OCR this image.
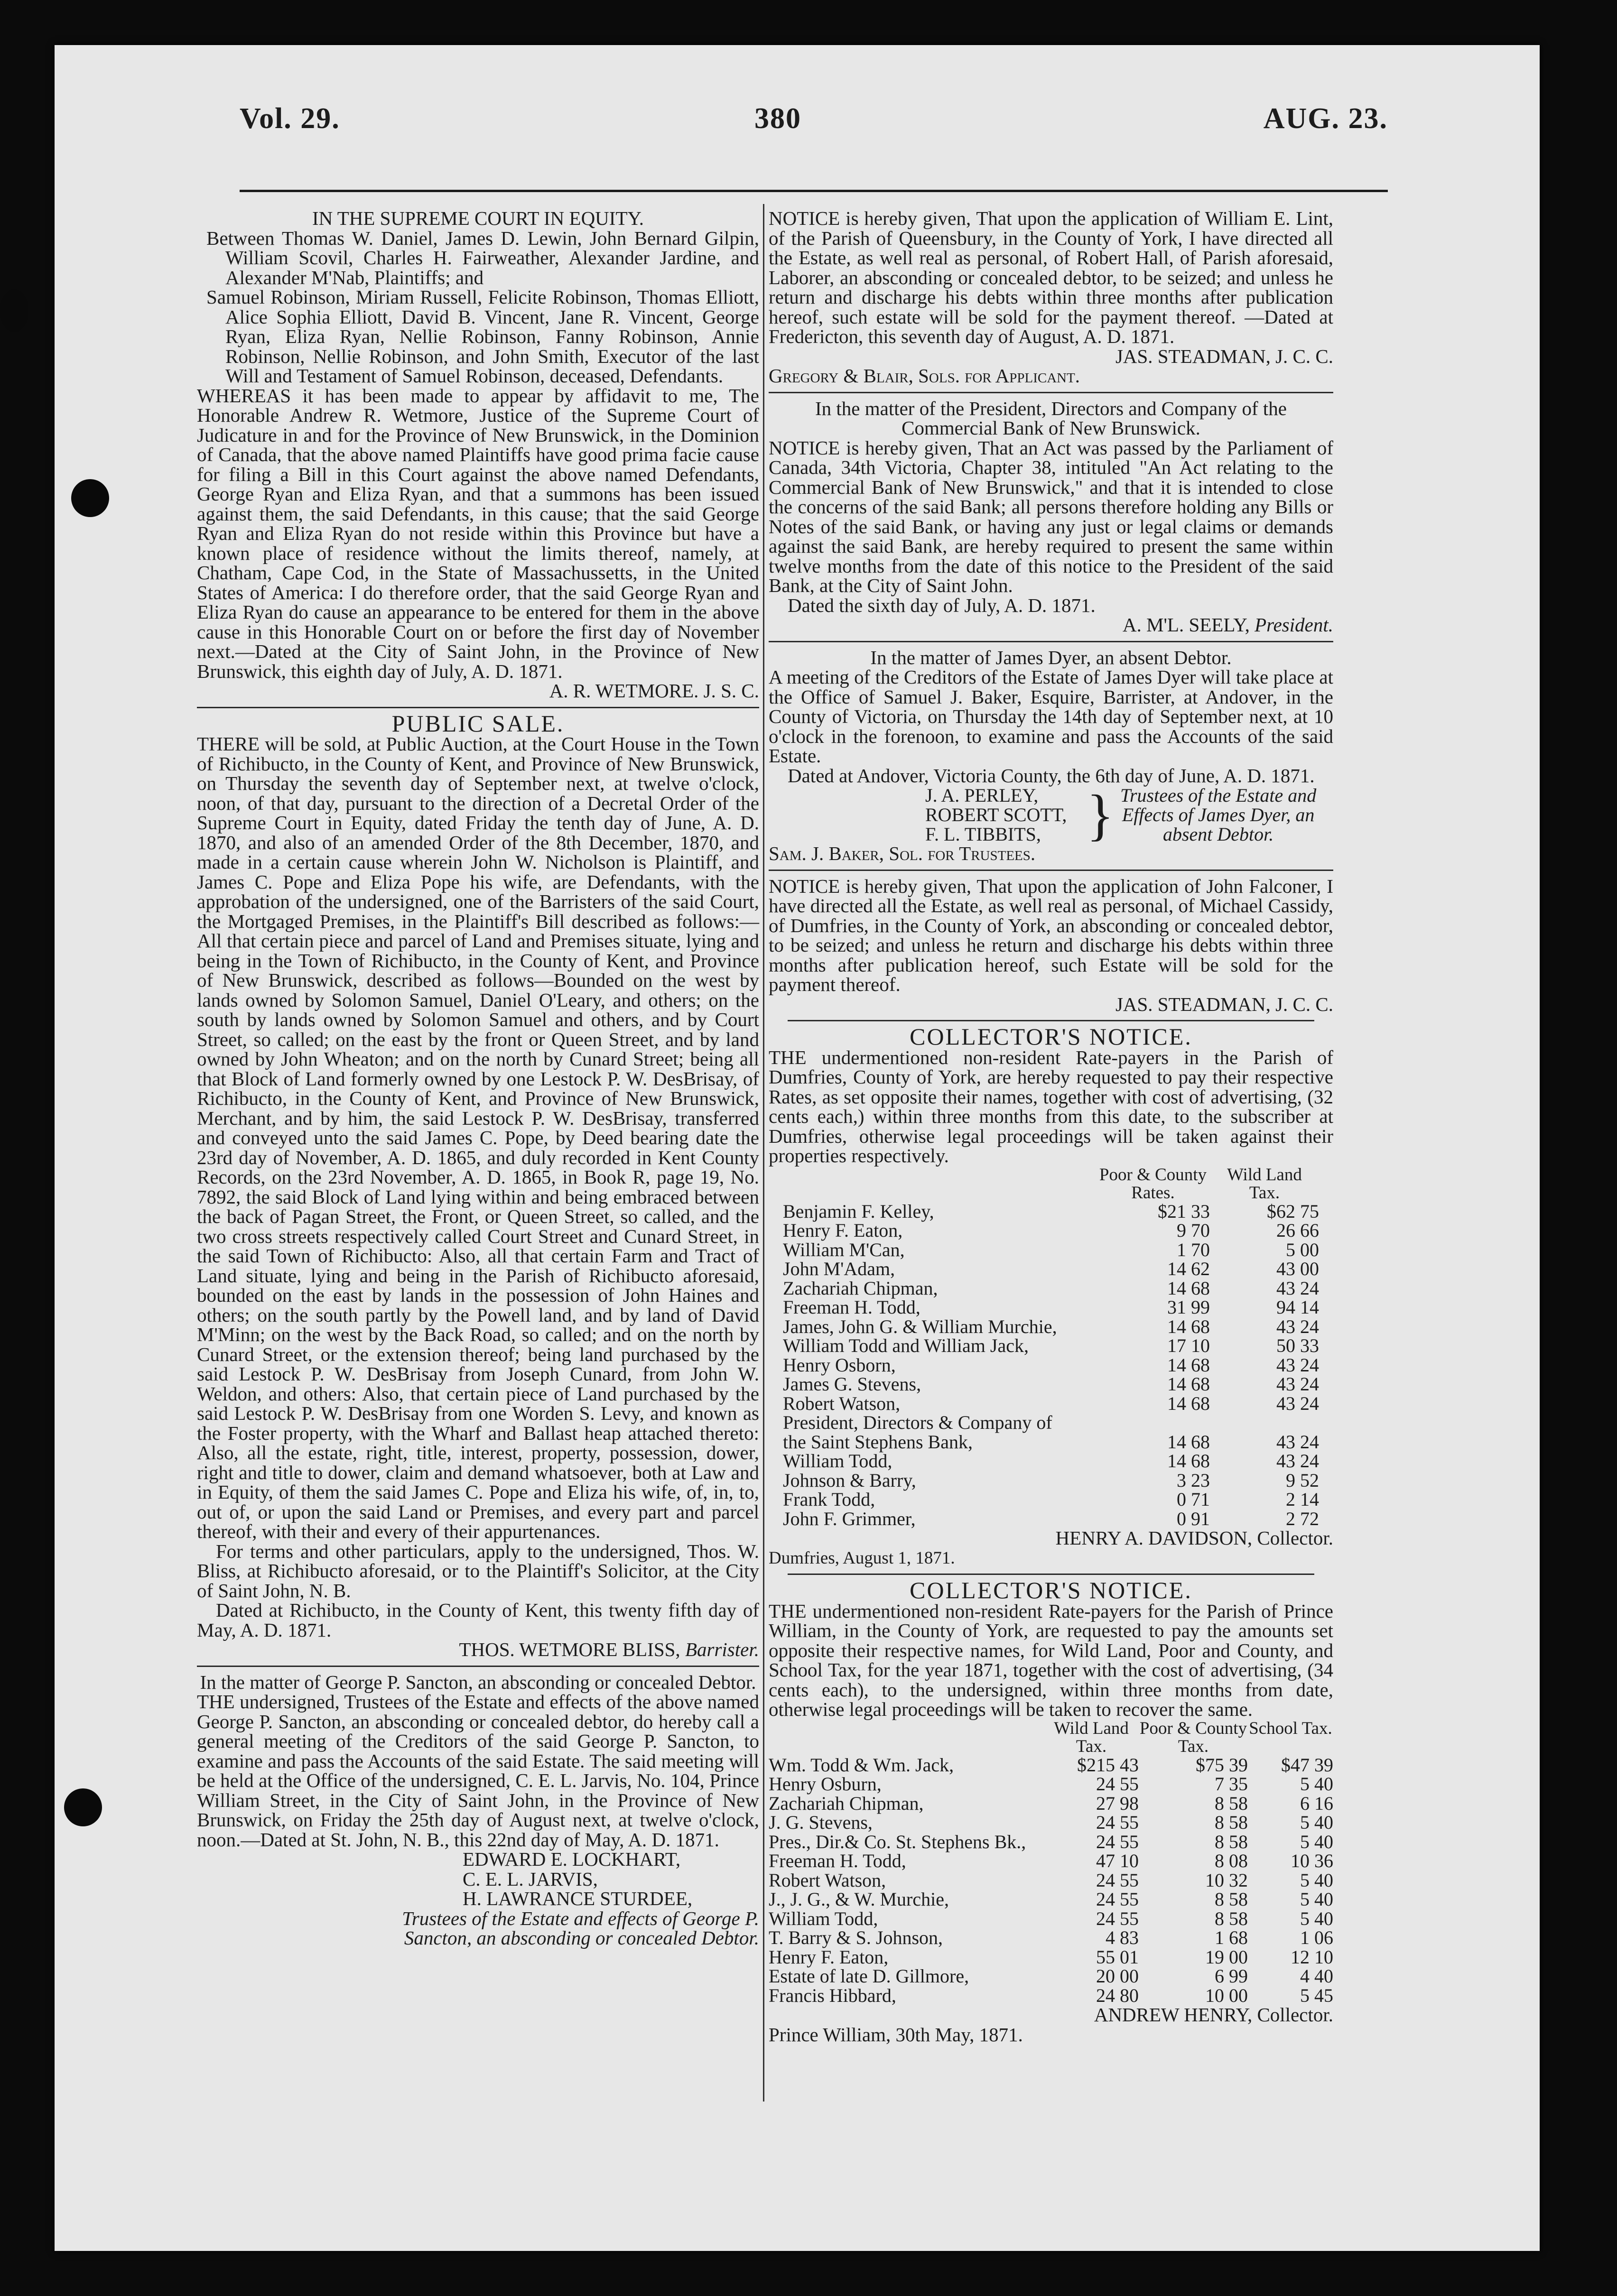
Vol. 29.	380	AUG. 23.

IN THE SUPREME COURT IN EQUITY.

Between Thomas W. Daniel, James D. Lewin, John Bernard Gilpin, William Scovil, Charles H. Fairweather, Alexander Jardine, and Alexander M'Nab, Plaintiffs; and

Samuel Robinson, Miriam Russell, Felicite Robinson, Thomas Elliott, Alice Sophia Elliott, David B. Vincent, Jane R. Vincent, George Ryan, Eliza Ryan, Nellie Robinson, Fanny Robinson, Annie Robinson, Nellie Robinson, and John Smith, Executor of the last Will and Testament of Samuel Robinson, deceased, Defendants.

WHEREAS it has been made to appear by affidavit to me, The Honorable Andrew R. Wetmore, Justice of the Supreme Court of Judicature in and for the Province of New Brunswick, in the Dominion of Canada, that the above named Plaintiffs have good prima facie cause for filing a Bill in this Court against the above named Defendants, George Ryan and Eliza Ryan, and that a summons has been issued against them, the said Defendants, in this cause; that the said George Ryan and Eliza Ryan do not reside within this Province but have a known place of residence without the limits thereof, namely, at Chatham, Cape Cod, in the State of Massachussetts, in the United States of America: I do therefore order, that the said George Ryan and Eliza Ryan do cause an appearance to be entered for them in the above cause in this Honorable Court on or before the first day of November next.—Dated at the City of Saint John, in the Province of New Brunswick, this eighth day of July, A. D. 1871.

A. R. WETMORE. J. S. C.

PUBLIC SALE.

THERE will be sold, at Public Auction, at the Court House in the Town of Richibucto, in the County of Kent, and Province of New Brunswick, on Thursday the seventh day of September next, at twelve o'clock, noon, of that day, pursuant to the direction of a Decretal Order of the Supreme Court in Equity, dated Friday the tenth day of June, A. D. 1870, and also of an amended Order of the 8th December, 1870, and made in a certain cause wherein John W. Nicholson is Plaintiff, and James C. Pope and Eliza Pope his wife, are Defendants, with the approbation of the undersigned, one of the Barristers of the said Court, the Mortgaged Premises, in the Plaintiff's Bill described as follows:—All that certain piece and parcel of Land and Premises situate, lying and being in the Town of Richibucto, in the County of Kent, and Province of New Brunswick, described as follows—Bounded on the west by lands owned by Solomon Samuel, Daniel O'Leary, and others; on the south by lands owned by Solomon Samuel and others, and by Court Street, so called; on the east by the front or Queen Street, and by land owned by John Wheaton; and on the north by Cunard Street; being all that Block of Land formerly owned by one Lestock P. W. DesBrisay, of Richibucto, in the County of Kent, and Province of New Brunswick, Merchant, and by him, the said Lestock P. W. DesBrisay, transferred and conveyed unto the said James C. Pope, by Deed bearing date the 23rd day of November, A. D. 1865, and duly recorded in Kent County Records, on the 23rd November, A. D. 1865, in Book R, page 19, No. 7892, the said Block of Land lying within and being embraced between the back of Pagan Street, the Front, or Queen Street, so called, and the two cross streets respectively called Court Street and Cunard Street, in the said Town of Richibucto: Also, all that certain Farm and Tract of Land situate, lying and being in the Parish of Richibucto aforesaid, bounded on the east by lands in the possession of John Haines and others; on the south partly by the Powell land, and by land of David M'Minn; on the west by the Back Road, so called; and on the north by Cunard Street, or the extension thereof; being land purchased by the said Lestock P. W. DesBrisay from Joseph Cunard, from John W. Weldon, and others: Also, that certain piece of Land purchased by the said Lestock P. W. DesBrisay from one Worden S. Levy, and known as the Foster property, with the Wharf and Ballast heap attached thereto: Also, all the estate, right, title, interest, property, possession, dower, right and title to dower, claim and demand whatsoever, both at Law and in Equity, of them the said James C. Pope and Eliza his wife, of, in, to, out of, or upon the said Land or Premises, and every part and parcel thereof, with their and every of their appurtenances.

For terms and other particulars, apply to the undersigned, Thos. W. Bliss, at Richibucto aforesaid, or to the Plaintiff's Solicitor, at the City of Saint John, N. B.

Dated at Richibucto, in the County of Kent, this twenty fifth day of May, A. D. 1871.

THOS. WETMORE BLISS, Barrister.

In the matter of George P. Sancton, an absconding or concealed Debtor.

THE undersigned, Trustees of the Estate and effects of the above named George P. Sancton, an absconding or concealed debtor, do hereby call a general meeting of the Creditors of the said George P. Sancton, to examine and pass the Accounts of the said Estate. The said meeting will be held at the Office of the undersigned, C. E. L. Jarvis, No. 104, Prince William Street, in the City of Saint John, in the Province of New Brunswick, on Friday the 25th day of August next, at twelve o'clock, noon.—Dated at St. John, N. B., this 22nd day of May, A. D. 1871.

EDWARD E. LOCKHART,

C. E. L. JARVIS,

H. LAWRANCE STURDEE,

Trustees of the Estate and effects of George P. Sancton, an absconding or concealed Debtor.

NOTICE is hereby given, That upon the application of William E. Lint, of the Parish of Queensbury, in the County of York, I have directed all the Estate, as well real as personal, of Robert Hall, of Parish aforesaid, Laborer, an absconding or concealed debtor, to be seized; and unless he return and discharge his debts within three months after publication hereof, such estate will be sold for the payment thereof. —Dated at Fredericton, this seventh day of August, A. D. 1871.

JAS. STEADMAN, J. C. C.

Gregory & Blair, Sols. for Applicant.

In the matter of the President, Directors and Company of the Commercial Bank of New Brunswick.

NOTICE is hereby given, That an Act was passed by the Parliament of Canada, 34th Victoria, Chapter 38, intituled "An Act relating to the Commercial Bank of New Brunswick," and that it is intended to close the concerns of the said Bank; all persons therefore holding any Bills or Notes of the said Bank, or having any just or legal claims or demands against the said Bank, are hereby required to present the same within twelve months from the date of this notice to the President of the said Bank, at the City of Saint John.

Dated the sixth day of July, A. D. 1871.

A. M'L. SEELY, President.

In the matter of James Dyer, an absent Debtor.

A meeting of the Creditors of the Estate of James Dyer will take place at the Office of Samuel J. Baker, Esquire, Barrister, at Andover, in the County of Victoria, on Thursday the 14th day of September next, at 10 o'clock in the forenoon, to examine and pass the Accounts of the said Estate.

Dated at Andover, Victoria County, the 6th day of June, A. D. 1871.

J. A. PERLEY,
ROBERT SCOTT,
F. L. TIBBITS, } Trustees of the Estate and Effects of James Dyer, an absent Debtor.

Sam. J. Baker, Sol. for Trustees.

NOTICE is hereby given, That upon the application of John Falconer, I have directed all the Estate, as well real as personal, of Michael Cassidy, of Dumfries, in the County of York, an absconding or concealed debtor, to be seized; and unless he return and discharge his debts within three months after publication hereof, such Estate will be sold for the payment thereof.

JAS. STEADMAN, J. C. C.

COLLECTOR'S NOTICE.

THE undermentioned non-resident Rate-payers in the Parish of Dumfries, County of York, are hereby requested to pay their respective Rates, as set opposite their names, together with cost of advertising, (32 cents each,) within three months from this date, to the subscriber at Dumfries, otherwise legal proceedings will be taken against their properties respectively.

	Poor & County Rates.	Wild Land Tax.
Benjamin F. Kelley,	$21 33	$62 75
Henry F. Eaton,	9 70	26 66
William M'Can,	1 70	5 00
John M'Adam,	14 62	43 00
Zachariah Chipman,	14 68	43 24
Freeman H. Todd,	31 99	94 14
James, John G. & William Murchie,	14 68	43 24
William Todd and William Jack,	17 10	50 33
Henry Osborn,	14 68	43 24
James G. Stevens,	14 68	43 24
Robert Watson,	14 68	43 24
President, Directors & Company of		
the Saint Stephens Bank,	14 68	43 24
William Todd,	14 68	43 24
Johnson & Barry,	3 23	9 52
Frank Todd,	0 71	2 14
John F. Grimmer,	0 91	2 72

HENRY A. DAVIDSON, Collector.

Dumfries, August 1, 1871.

COLLECTOR'S NOTICE.

THE undermentioned non-resident Rate-payers for the Parish of Prince William, in the County of York, are requested to pay the amounts set opposite their respective names, for Wild Land, Poor and County, and School Tax, for the year 1871, together with the cost of advertising, (34 cents each), to the undersigned, within three months from date, otherwise legal proceedings will be taken to recover the same.

	Wild Land Tax.	Poor & County Tax.	School Tax.
Wm. Todd & Wm. Jack,	$215 43	$75 39	$47 39
Henry Osburn,	24 55	7 35	5 40
Zachariah Chipman,	27 98	8 58	6 16
J. G. Stevens,	24 55	8 58	5 40
Pres., Dir.& Co. St. Stephens Bk.,	24 55	8 58	5 40
Freeman H. Todd,	47 10	8 08	10 36
Robert Watson,	24 55	10 32	5 40
J., J. G., & W. Murchie,	24 55	8 58	5 40
William Todd,	24 55	8 58	5 40
T. Barry & S. Johnson,	4 83	1 68	1 06
Henry F. Eaton,	55 01	19 00	12 10
Estate of late D. Gillmore,	20 00	6 99	4 40
Francis Hibbard,	24 80	10 00	5 45

ANDREW HENRY, Collector.

Prince William, 30th May, 1871.
